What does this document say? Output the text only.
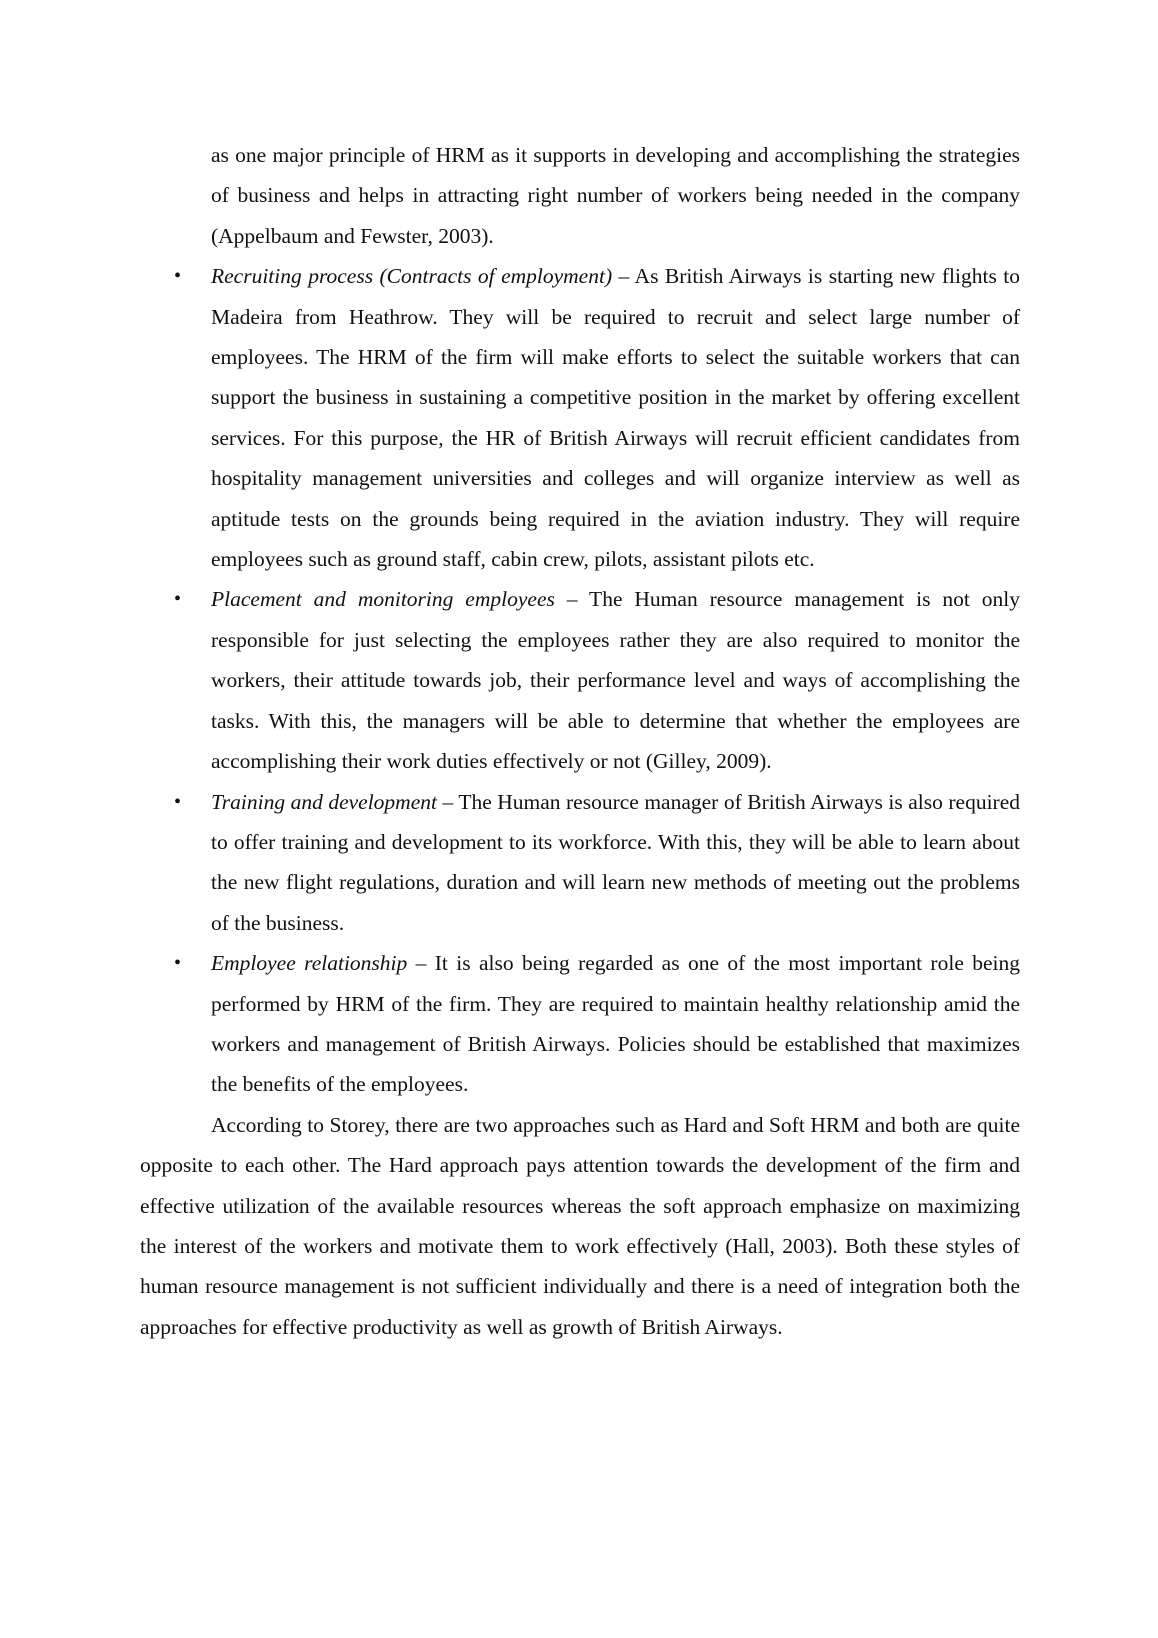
as one major principle of HRM as it supports in developing and accomplishing the strategies of business and helps in attracting right number of workers being needed in the company (Appelbaum and Fewster, 2003).

• Recruiting process (Contracts of employment) – As British Airways is starting new flights to Madeira from Heathrow. They will be required to recruit and select large number of employees. The HRM of the firm will make efforts to select the suitable workers that can support the business in sustaining a competitive position in the market by offering excellent services. For this purpose, the HR of British Airways will recruit efficient candidates from hospitality management universities and colleges and will organize interview as well as aptitude tests on the grounds being required in the aviation industry. They will require employees such as ground staff, cabin crew, pilots, assistant pilots etc.
• Placement and monitoring employees – The Human resource management is not only responsible for just selecting the employees rather they are also required to monitor the workers, their attitude towards job, their performance level and ways of accomplishing the tasks. With this, the managers will be able to determine that whether the employees are accomplishing their work duties effectively or not (Gilley, 2009).
• Training and development – The Human resource manager of British Airways is also required to offer training and development to its workforce. With this, they will be able to learn about the new flight regulations, duration and will learn new methods of meeting out the problems of the business.
• Employee relationship – It is also being regarded as one of the most important role being performed by HRM of the firm. They are required to maintain healthy relationship amid the workers and management of British Airways. Policies should be established that maximizes the benefits of the employees.

According to Storey, there are two approaches such as Hard and Soft HRM and both are quite opposite to each other. The Hard approach pays attention towards the development of the firm and effective utilization of the available resources whereas the soft approach emphasize on maximizing the interest of the workers and motivate them to work effectively (Hall, 2003). Both these styles of human resource management is not sufficient individually and there is a need of integration both the approaches for effective productivity as well as growth of British Airways.
